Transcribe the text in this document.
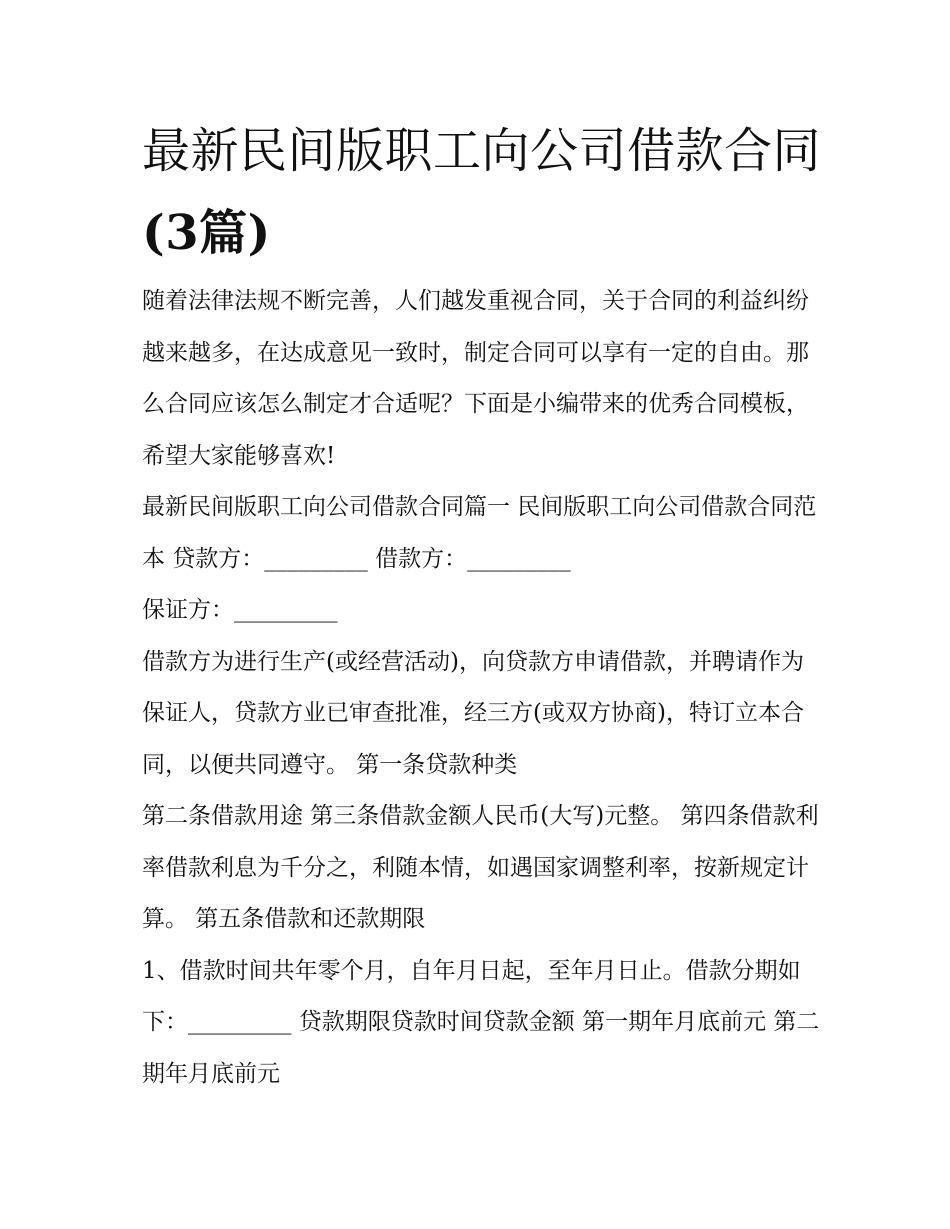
最新民间版职工向公司借款合同(3篇)

随着法律法规不断完善，人们越发重视合同，关于合同的利益纠纷越来越多，在达成意见一致时，制定合同可以享有一定的自由。那么合同应该怎么制定才合适呢？下面是小编带来的优秀合同模板，希望大家能够喜欢!

最新民间版职工向公司借款合同篇一 民间版职工向公司借款合同范本 贷款方：_________ 借款方：_________

保证方：_________

借款方为进行生产(或经营活动)，向贷款方申请借款，并聘请作为保证人，贷款方业已审查批准，经三方(或双方协商)，特订立本合同，以便共同遵守。 第一条贷款种类

第二条借款用途 第三条借款金额人民币(大写)元整。 第四条借款利率借款利息为千分之，利随本情，如遇国家调整利率，按新规定计算。 第五条借款和还款期限

1、借款时间共年零个月，自年月日起，至年月日止。借款分期如下：_________ 贷款期限贷款时间贷款金额 第一期年月底前元 第二期年月底前元
